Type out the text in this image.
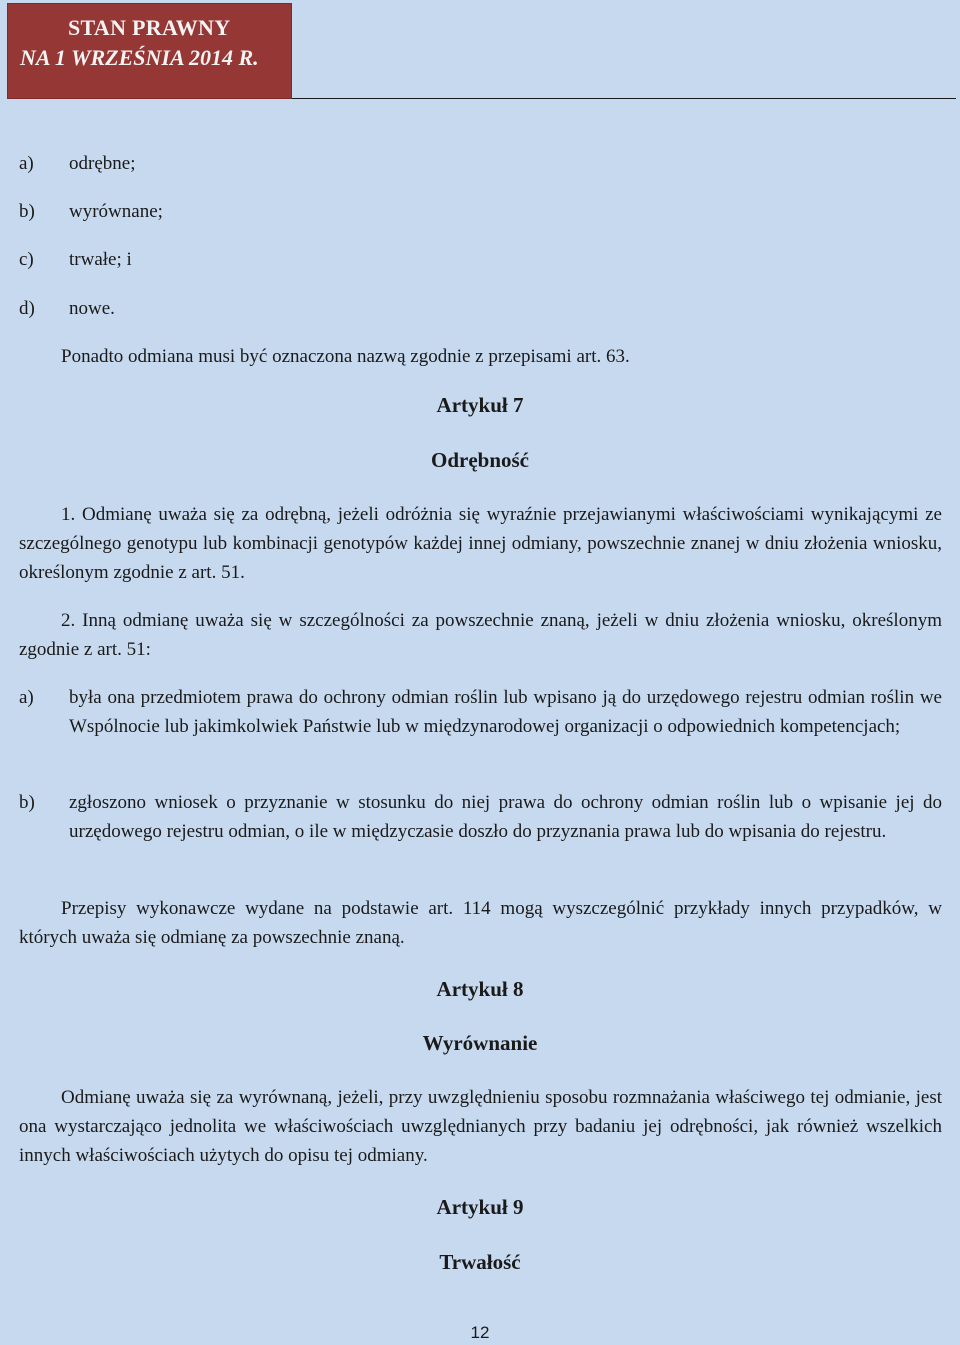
STAN PRAWNY
NA 1 WRZEŚNIA 2014 R.
a) odrębne;
b) wyrównane;
c) trwałe; i
d) nowe.
Ponadto odmiana musi być oznaczona nazwą zgodnie z przepisami art. 63.
Artykuł 7
Odrębność
1. Odmianę uważa się za odrębną, jeżeli odróżnia się wyraźnie przejawianymi właściwościami wynikającymi ze szczególnego genotypu lub kombinacji genotypów każdej innej odmiany, powszechnie znanej w dniu złożenia wniosku, określonym zgodnie z art. 51.
2. Inną odmianę uważa się w szczególności za powszechnie znaną, jeżeli w dniu złożenia wniosku, określonym zgodnie z art. 51:
a) była ona przedmiotem prawa do ochrony odmian roślin lub wpisano ją do urzędowego rejestru odmian roślin we Wspólnocie lub jakimkolwiek Państwie lub w międzynarodowej organizacji o odpowiednich kompetencjach;
b) zgłoszono wniosek o przyznanie w stosunku do niej prawa do ochrony odmian roślin lub o wpisanie jej do urzędowego rejestru odmian, o ile w międzyczasie doszło do przyznania prawa lub do wpisania do rejestru.
Przepisy wykonawcze wydane na podstawie art. 114 mogą wyszczególnić przykłady innych przypadków, w których uważa się odmianę za powszechnie znaną.
Artykuł 8
Wyrównanie
Odmianę uważa się za wyrównaną, jeżeli, przy uwzględnieniu sposobu rozmnażania właściwego tej odmianie, jest ona wystarczająco jednolita we właściwościach uwzględnianych przy badaniu jej odrębności, jak również wszelkich innych właściwościach użytych do opisu tej odmiany.
Artykuł 9
Trwałość
12
